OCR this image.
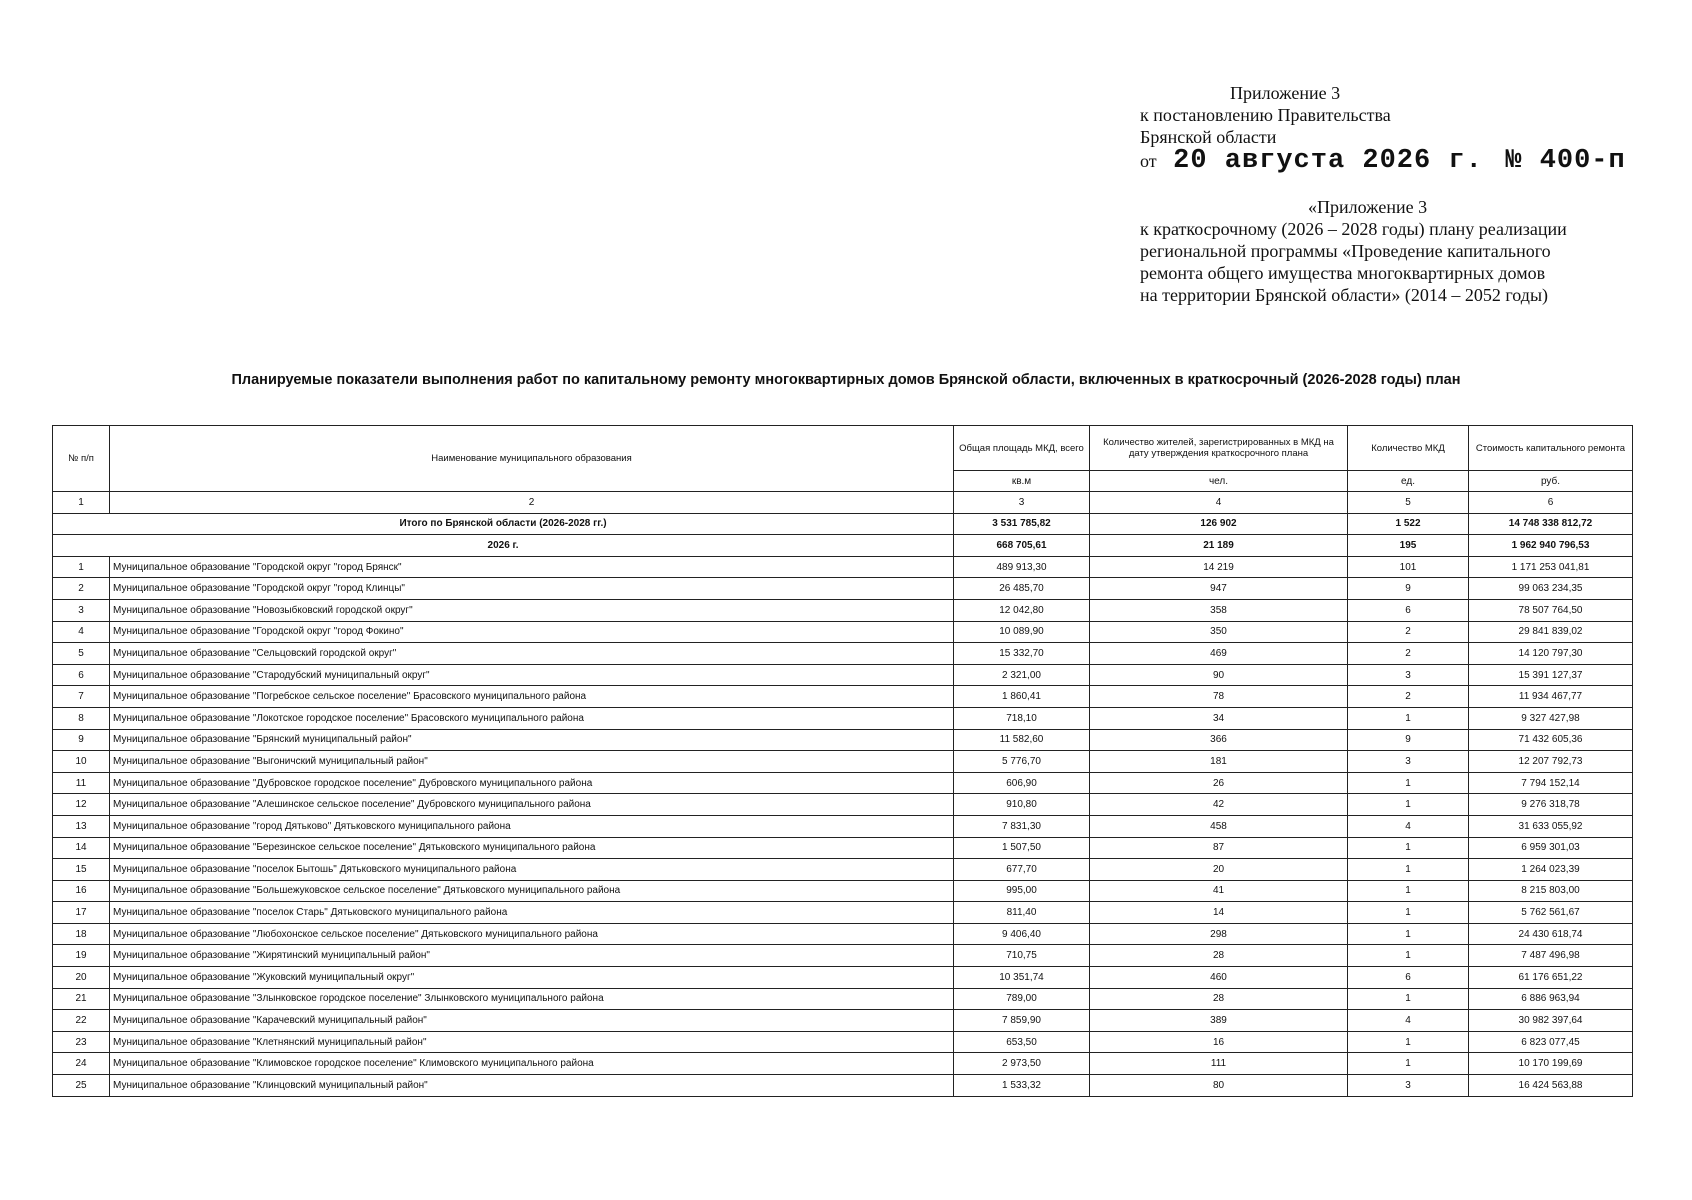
Приложение 3
к постановлению Правительства
Брянской области
от 20 августа 2026 г. № 400-п
«Приложение 3
к краткосрочному (2026 – 2028 годы) плану реализации
региональной программы «Проведение капитального
ремонта общего имущества многоквартирных домов
на территории Брянской области» (2014 – 2052 годы)
Планируемые показатели выполнения работ по капитальному ремонту многоквартирных домов Брянской области, включенных в краткосрочный (2026-2028 годы) план
№ п/п	Наименование муниципального образования	Общая площадь МКД, всего	Количество жителей, зарегистрированных в МКД на дату утверждения краткосрочного плана	Количество МКД	Стоимость капитального ремонта
		кв.м	чел.	ед.	руб.
1	2	3	4	5	6
Итого по Брянской области (2026-2028 гг.)		3 531 785,82	126 902	1 522	14 748 338 812,72
2026 г.		668 705,61	21 189	195	1 962 940 796,53
1	Муниципальное образование "Городской округ "город Брянск"	489 913,30	14 219	101	1 171 253 041,81
2	Муниципальное образование "Городской округ "город Клинцы"	26 485,70	947	9	99 063 234,35
3	Муниципальное образование "Новозыбковский городской округ"	12 042,80	358	6	78 507 764,50
4	Муниципальное образование "Городской округ "город Фокино"	10 089,90	350	2	29 841 839,02
5	Муниципальное образование "Сельцовский городской округ"	15 332,70	469	2	14 120 797,30
6	Муниципальное образование "Стародубский муниципальный округ"	2 321,00	90	3	15 391 127,37
7	Муниципальное образование "Погребское сельское поселение" Брасовского муниципального района	1 860,41	78	2	11 934 467,77
8	Муниципальное образование "Локотское городское поселение" Брасовского муниципального района	718,10	34	1	9 327 427,98
9	Муниципальное образование "Брянский муниципальный район"	11 582,60	366	9	71 432 605,36
10	Муниципальное образование "Выгоничский муниципальный район"	5 776,70	181	3	12 207 792,73
11	Муниципальное образование "Дубровское городское поселение" Дубровского муниципального района	606,90	26	1	7 794 152,14
12	Муниципальное образование "Алешинское сельское поселение" Дубровского муниципального района	910,80	42	1	9 276 318,78
13	Муниципальное образование "город Дятьково" Дятьковского муниципального района	7 831,30	458	4	31 633 055,92
14	Муниципальное образование "Березинское сельское поселение" Дятьковского муниципального района	1 507,50	87	1	6 959 301,03
15	Муниципальное образование "поселок Бытошь" Дятьковского муниципального района	677,70	20	1	1 264 023,39
16	Муниципальное образование "Большежуковское сельское поселение" Дятьковского муниципального района	995,00	41	1	8 215 803,00
17	Муниципальное образование "поселок Старь" Дятьковского муниципального района	811,40	14	1	5 762 561,67
18	Муниципальное образование "Любохонское сельское поселение" Дятьковского муниципального района	9 406,40	298	1	24 430 618,74
19	Муниципальное образование "Жирятинский муниципальный район"	710,75	28	1	7 487 496,98
20	Муниципальное образование "Жуковский муниципальный округ"	10 351,74	460	6	61 176 651,22
21	Муниципальное образование "Злынковское городское поселение" Злынковского муниципального района	789,00	28	1	6 886 963,94
22	Муниципальное образование "Карачевский муниципальный район"	7 859,90	389	4	30 982 397,64
23	Муниципальное образование "Клетнянский муниципальный район"	653,50	16	1	6 823 077,45
24	Муниципальное образование "Климовское городское поселение" Климовского муниципального района	2 973,50	111	1	10 170 199,69
25	Муниципальное образование "Клинцовский муниципальный район"	1 533,32	80	3	16 424 563,88
